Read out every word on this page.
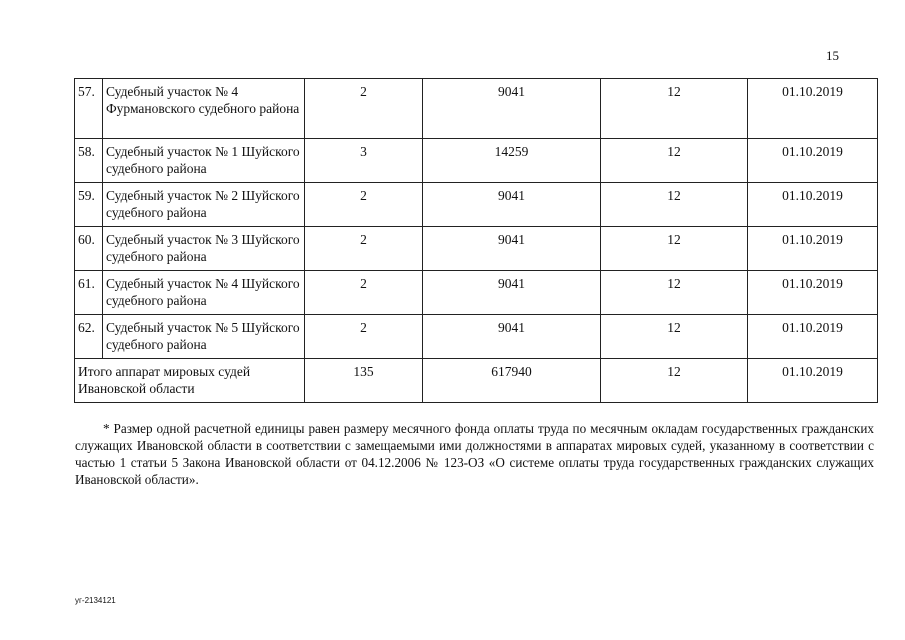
15
57.	Судебный участок № 4 Фурмановского судебного района	2	9041	12	01.10.2019
58.	Судебный участок № 1 Шуйского судебного района	3	14259	12	01.10.2019
59.	Судебный участок № 2 Шуйского судебного района	2	9041	12	01.10.2019
60.	Судебный участок № 3 Шуйского судебного района	2	9041	12	01.10.2019
61.	Судебный участок № 4 Шуйского судебного района	2	9041	12	01.10.2019
62.	Судебный участок № 5 Шуйского судебного района	2	9041	12	01.10.2019
Итого аппарат мировых судей Ивановской области		135	617940	12	01.10.2019

* Размер одной расчетной единицы равен размеру месячного фонда оплаты труда по месячным окладам государственных гражданских служащих Ивановской области в соответствии с замещаемыми ими должностями в аппаратах мировых судей, указанному в соответствии с частью 1 статьи 5 Закона Ивановской области от 04.12.2006 № 123-ОЗ «О системе оплаты труда государственных гражданских служащих Ивановской области».

уг-2134121
